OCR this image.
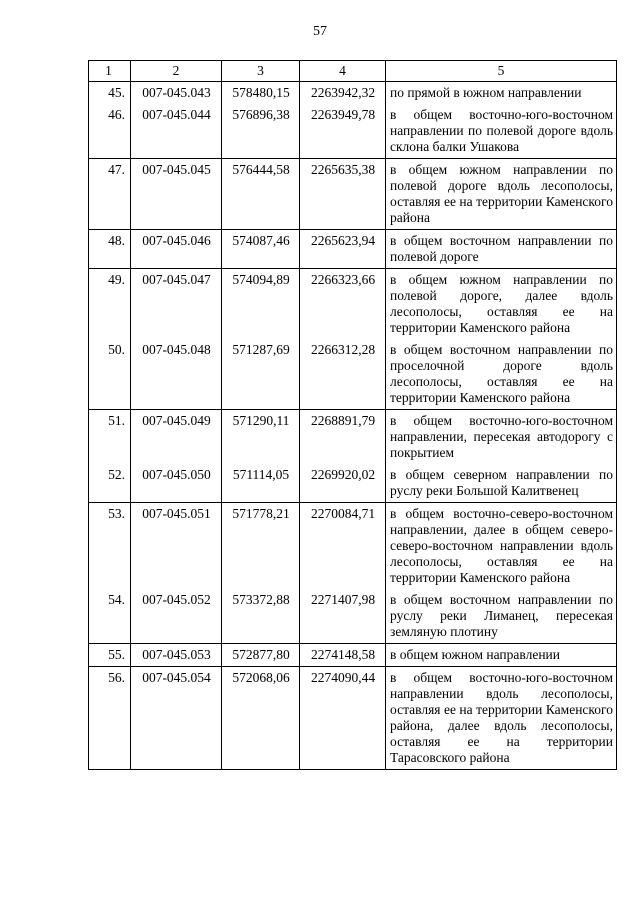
57
1	2	3	4	5
45.	007-045.043	578480,15	2263942,32	по прямой в южном направлении
46.	007-045.044	576896,38	2263949,78	в общем восточно-юго-восточном направлении по полевой дороге вдоль склона балки Ушакова
47.	007-045.045	576444,58	2265635,38	в общем южном направлении по полевой дороге вдоль лесополосы, оставляя ее на территории Каменского района
48.	007-045.046	574087,46	2265623,94	в общем восточном направлении по полевой дороге
49.	007-045.047	574094,89	2266323,66	в общем южном направлении по полевой дороге, далее вдоль лесополосы, оставляя ее на территории Каменского района
50.	007-045.048	571287,69	2266312,28	в общем восточном направлении по проселочной дороге вдоль лесополосы, оставляя ее на территории Каменского района
51.	007-045.049	571290,11	2268891,79	в общем восточно-юго-восточном направлении, пересекая автодорогу с покрытием
52.	007-045.050	571114,05	2269920,02	в общем северном направлении по руслу реки Большой Калитвенец
53.	007-045.051	571778,21	2270084,71	в общем восточно-северо-восточном направлении, далее в общем северо-северо-восточном направлении вдоль лесополосы, оставляя ее на территории Каменского района
54.	007-045.052	573372,88	2271407,98	в общем восточном направлении по руслу реки Лиманец, пересекая земляную плотину
55.	007-045.053	572877,80	2274148,58	в общем южном направлении
56.	007-045.054	572068,06	2274090,44	в общем восточно-юго-восточном направлении вдоль лесополосы, оставляя ее на территории Каменского района, далее вдоль лесополосы, оставляя ее на территории Тарасовского района
